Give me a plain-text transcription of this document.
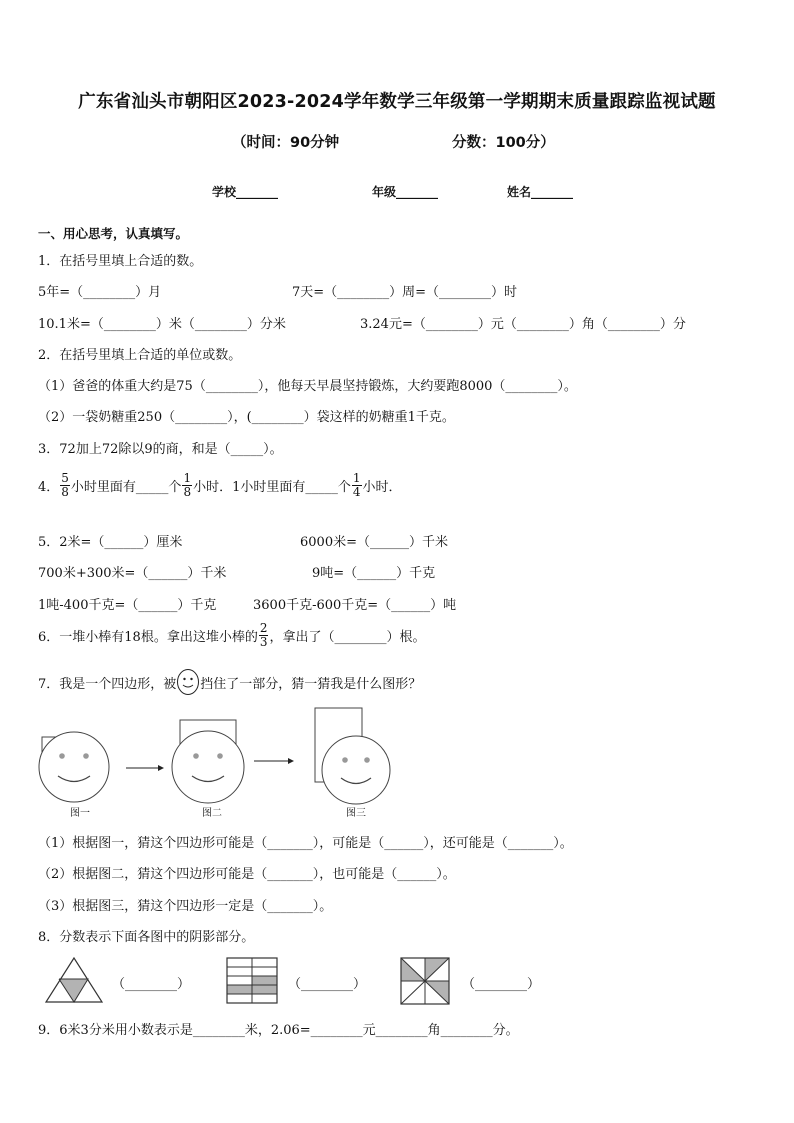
广东省汕头市朝阳区2023-2024学年数学三年级第一学期期末质量跟踪监视试题
（时间：90分钟	分数：100分）
学校_______	年级_______	姓名_______
一、用心思考，认真填写。
1．在括号里填上合适的数。
5年=（________）月	7天=（________）周=（________）时
10.1米=（________）米（________）分米	3.24元=（________）元（________）角（________）分
2．在括号里填上合适的单位或数。
（1）爸爸的体重大约是75（________），他每天早晨坚持锻炼，大约要跑8000（________）。
（2）一袋奶糖重250（________），(________）袋这样的奶糖重1千克。
3．72加上72除以9的商，和是（_____）。
4． $\frac{5}{8}$ 小时里面有_____个 $\frac{1}{8}$ 小时．1小时里面有_____个 $\frac{1}{4}$ 小时．
5．2米=（______）厘米	6000米=（______）千米
700米+300米=（______）千米	9吨=（______）千克
1吨-400千克=（______）千克	3600千克-600千克=（______）吨
6．一堆小棒有18根。拿出这堆小棒的 $\frac{2}{3}$ ，拿出了（________）根。
7．我是一个四边形，被 挡住了一部分，猜一猜我是什么图形？
图一	图二	图三
（1）根据图一，猜这个四边形可能是（_______），可能是（______），还可能是（_______）。
（2）根据图二，猜这个四边形可能是（_______），也可能是（______）。
（3）根据图三，猜这个四边形一定是（_______）。
8．分数表示下面各图中的阴影部分。
（________）	（________）	（________）
9．6米3分米用小数表示是________米，2.06=________元________角________分。
